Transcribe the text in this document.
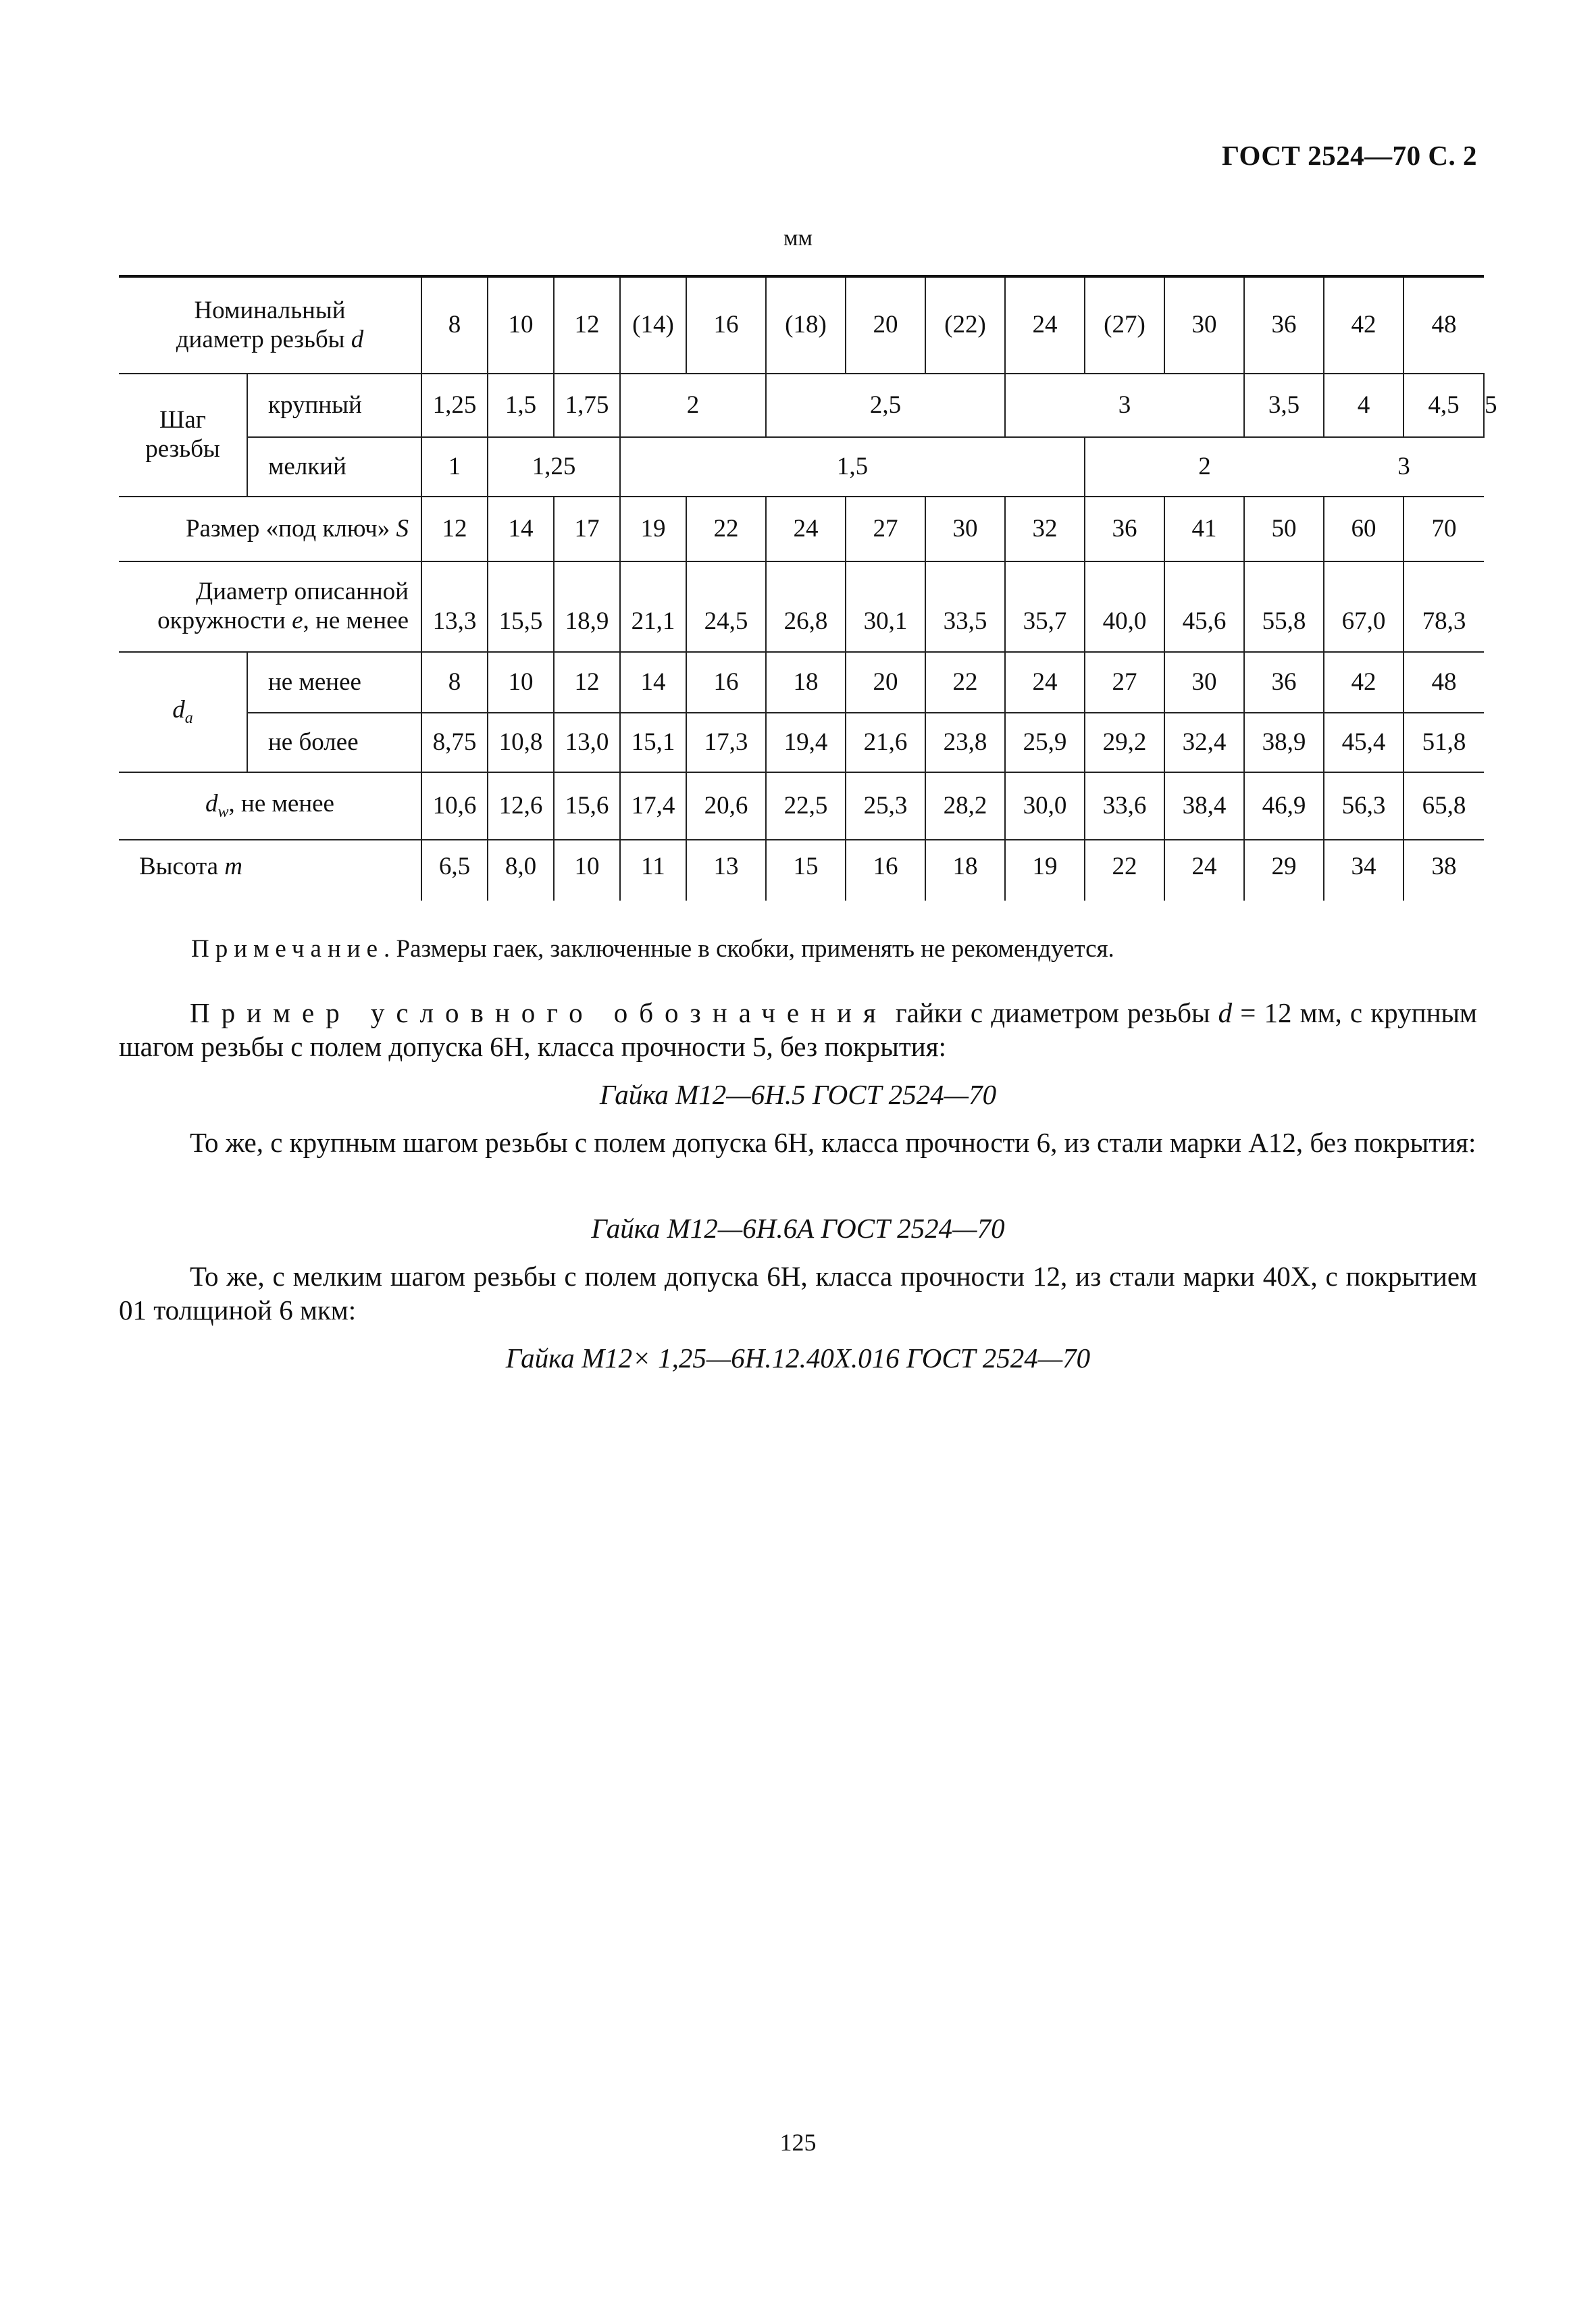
ГОСТ 2524—70 С. 2
мм
Номинальный
диаметр резьбы d		8	10	12	(14)	16	(18)	20	(22)	24	(27)	30	36	42	48	
Шаг
резьбы	крупный	1,25	1,5	1,75	2		2,5			3			3,5	4	4,5	5
	мелкий	1	1,25		1,5						2			3		
Размер «под ключ» S		12	14	17	19	22	24	27	30	32	36	41	50	60	70	
Диаметр описанной
окружности e, не менее		13,3	15,5	18,9	21,1	24,5	26,8	30,1	33,5	35,7	40,0	45,6	55,8	67,0	78,3	
$d_a$	не менее	8	10	12	14	16	18	20	22	24	27	30	36	42	48	
	не более	8,75	10,8	13,0	15,1	17,3	19,4	21,6	23,8	25,9	29,2	32,4	38,9	45,4	51,8	
$d_w$, не менее		10,6	12,6	15,6	17,4	20,6	22,5	25,3	28,2	30,0	33,6	38,4	46,9	56,3	65,8	
Высота m		6,5	8,0	10	11	13	15	16	18	19	22	24	29	34	38	
Примечание. Размеры гаек, заключенные в скобки, применять не рекомендуется.
Пример условного обозначения гайки с диаметром резьбы d = 12 мм, с крупным шагом резьбы с полем допуска 6Н, класса прочности 5, без покрытия:
Гайка М12—6Н.5 ГОСТ 2524—70
То же, с крупным шагом резьбы с полем допуска 6Н, класса прочности 6, из стали марки А12, без покрытия:
Гайка М12—6Н.6А ГОСТ 2524—70
То же, с мелким шагом резьбы с полем допуска 6Н, класса прочности 12, из стали марки 40Х, с покрытием 01 толщиной 6 мкм:
Гайка М12× 1,25—6Н.12.40Х.016 ГОСТ 2524—70
125
